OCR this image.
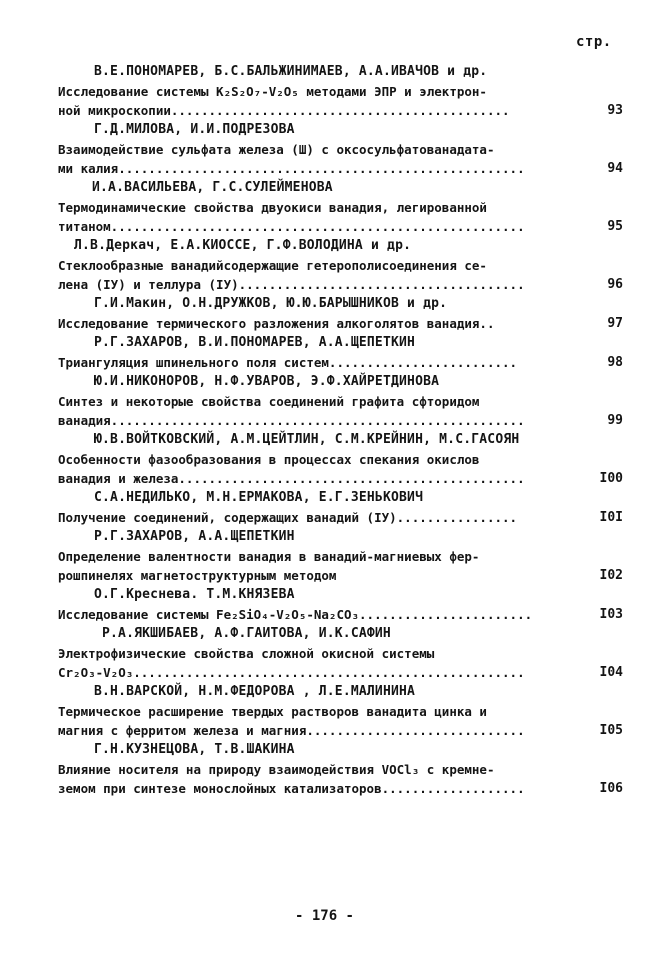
стр.
В.Е.ПОНОМАРЕВ, Б.С.БАЛЬЖИНИМАЕВ, А.А.ИВАЧОВ и др.
Исследование системы K₂S₂O₇-V₂O₅ методами ЭПР и электрон-
ной микроскопии.............................................	93
Г.Д.МИЛОВА, И.И.ПОДРЕЗОВА
Взаимодействие сульфата железа (Ш) с оксосульфатованадата-
ми калия......................................................	94
И.А.ВАСИЛЬЕВА, Г.С.СУЛЕЙМЕНОВА
Термодинамические свойства двуокиси ванадия, легированной
титаном.......................................................	95
Л.В.Деркач, Е.А.КИОССЕ, Г.Ф.ВОЛОДИНА и др.
Стеклообразные ванадийсодержащие гетерополисоединения се-
лена (IУ) и теллура (IУ)......................................	96
Г.И.Макин, О.Н.ДРУЖКОВ, Ю.Ю.БАРЫШНИКОВ и др.
Исследование термического разложения алкоголятов ванадия..	97
Р.Г.ЗАХАРОВ, В.И.ПОНОМАРЕВ, А.А.ЩЕПЕТКИН
Триангуляция шпинельного поля систем.........................	98
Ю.И.НИКОНОРОВ, Н.Ф.УВАРОВ, Э.Ф.ХАЙРЕТДИНОВА
Синтез и некоторые свойства соединений графита сфторидом
ванадия.......................................................	99
Ю.В.ВОЙТКОВСКИЙ, А.М.ЦЕЙТЛИН, С.М.КРЕЙНИН, М.С.ГАСОЯН
Особенности фазообразования в процессах спекания окислов
ванадия и железа..............................................	I00
С.А.НЕДИЛЬКО, М.Н.ЕРМАКОВА, Е.Г.ЗЕНЬКОВИЧ
Получение соединений, содержащих ванадий (IУ)................	I0I
Р.Г.ЗАХАРОВ, А.А.ЩЕПЕТКИН
Определение валентности ванадия в ванадий-магниевых фер-
рошпинелях магнетоструктурным методом	I02
О.Г.Креснева. Т.М.КНЯЗЕВА
Исследование системы Fe₂SiO₄-V₂O₅-Na₂CO₃.......................	I03
Р.А.ЯКШИБАЕВ, А.Ф.ГАИТОВА, И.К.САФИН
Электрофизические свойства сложной окисной системы
Cr₂O₃-V₂O₃....................................................	I04
В.Н.ВАРСКОЙ, Н.М.ФЕДОРОВА , Л.Е.МАЛИНИНА
Термическое расширение твердых растворов ванадита цинка и
магния с ферритом железа и магния.............................	I05
Г.Н.КУЗНЕЦОВА, Т.В.ШАКИНА
Влияние носителя на природу взаимодействия VOCl₃ с кремне-
земом при синтезе монослойных катализаторов...................	I06
- 176 -
